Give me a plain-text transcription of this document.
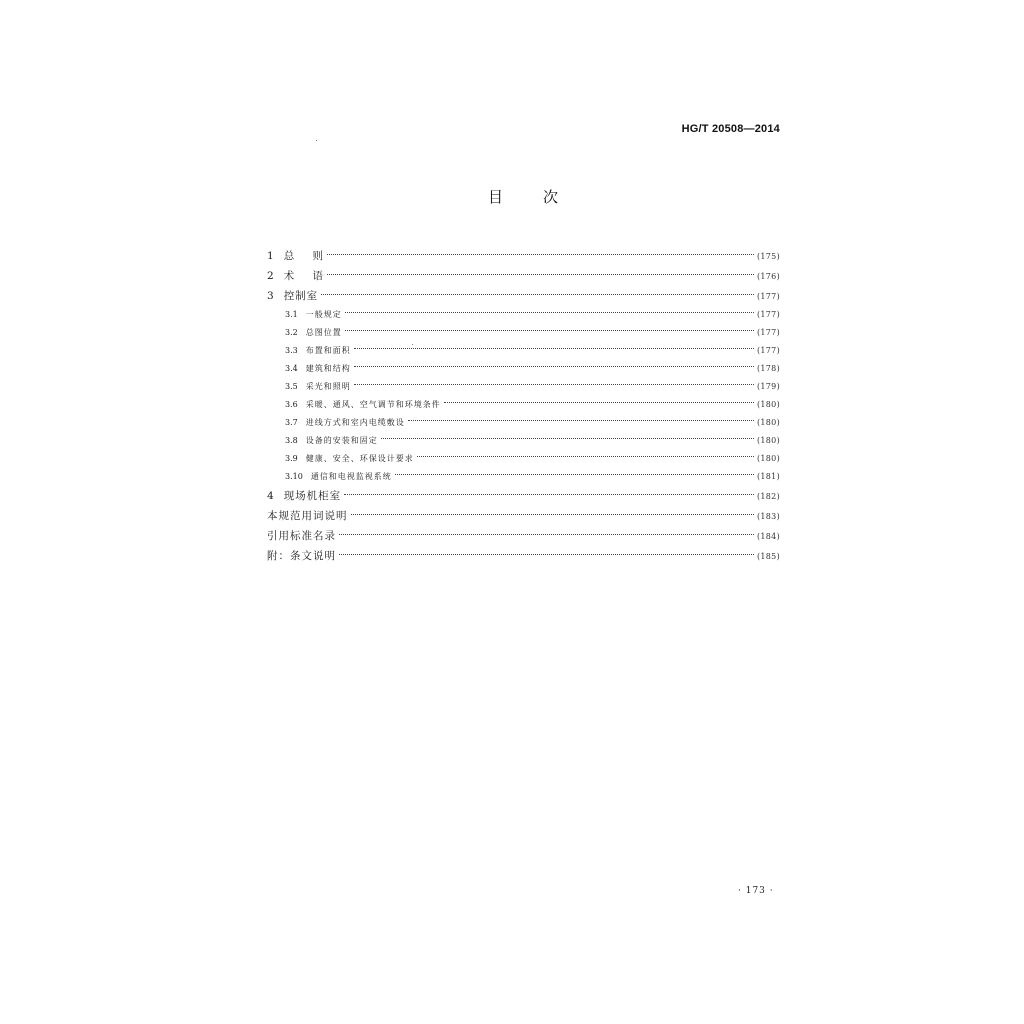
HG/T 20508—2014
目	次
1 总    则	(175)
2 术    语	(176)
3 控制室	(177)
3.1 一般规定	(177)
3.2 总图位置	(177)
3.3 布置和面积	(177)
3.4 建筑和结构	(178)
3.5 采光和照明	(179)
3.6 采暖、通风、空气调节和环境条件	(180)
3.7 进线方式和室内电缆敷设	(180)
3.8 设备的安装和固定	(180)
3.9 健康、安全、环保设计要求	(180)
3.10 通信和电视监视系统	(181)
4 现场机柜室	(182)
本规范用词说明	(183)
引用标准名录	(184)
附：条文说明	(185)
· 173 ·
